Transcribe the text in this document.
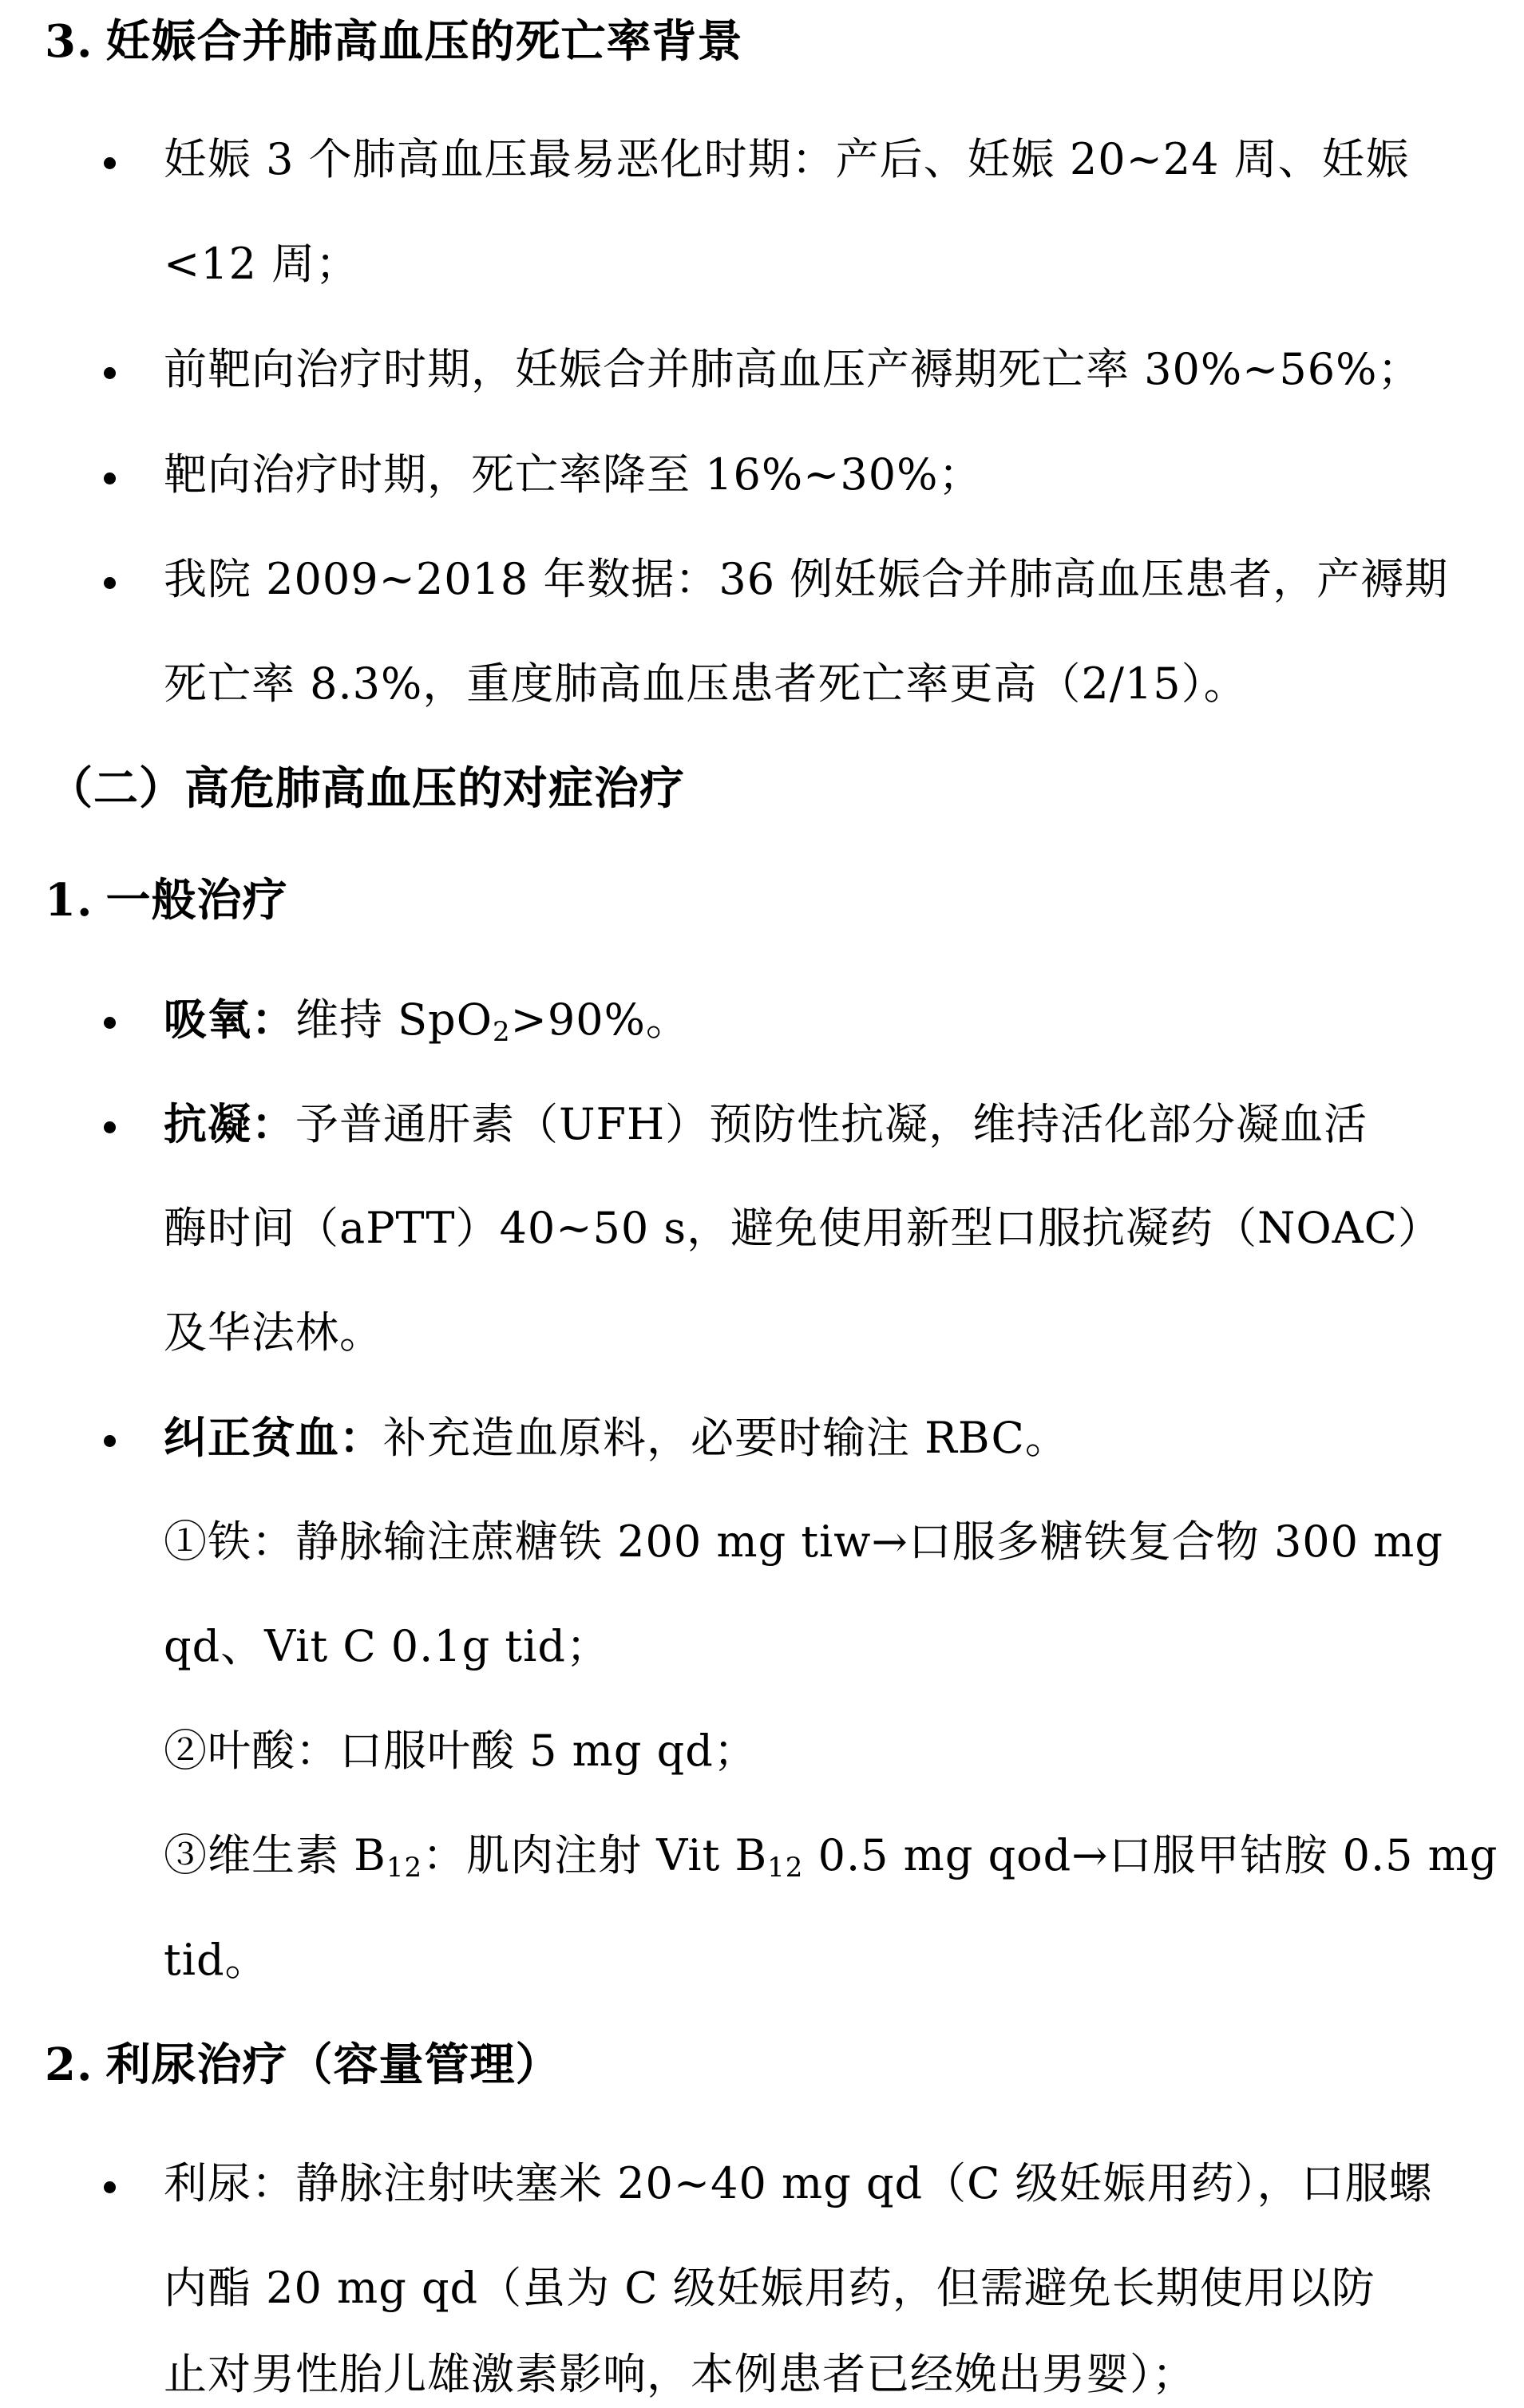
3. 妊娠合并肺高血压的死亡率背景
妊娠 3 个肺高血压最易恶化时期：产后、妊娠 20~24 周、妊娠
<12 周；
前靶向治疗时期，妊娠合并肺高血压产褥期死亡率 30%~56%；
靶向治疗时期，死亡率降至 16%~30%；
我院 2009~2018 年数据：36 例妊娠合并肺高血压患者，产褥期
死亡率 8.3%，重度肺高血压患者死亡率更高（2/15）。
（二）高危肺高血压的对症治疗
1. 一般治疗
吸氧：维持 SpO$_2$>90%。
抗凝：予普通肝素（UFH）预防性抗凝，维持活化部分凝血活
酶时间（aPTT）40~50 s，避免使用新型口服抗凝药（NOAC）
及华法林。
纠正贫血：补充造血原料，必要时输注 RBC。
①铁：静脉输注蔗糖铁 200 mg tiw→口服多糖铁复合物 300 mg
qd、Vit C 0.1g tid；
②叶酸：口服叶酸 5 mg qd；
③维生素 $B_{12}$：肌肉注射 Vit $B_{12}$ 0.5 mg qod→口服甲钴胺 0.5 mg
tid。
2. 利尿治疗（容量管理）
利尿：静脉注射呋塞米 20~40 mg qd（C 级妊娠用药），口服螺
内酯 20 mg qd（虽为 C 级妊娠用药，但需避免长期使用以防
止对男性胎儿雄激素影响，本例患者已经娩出男婴）；
